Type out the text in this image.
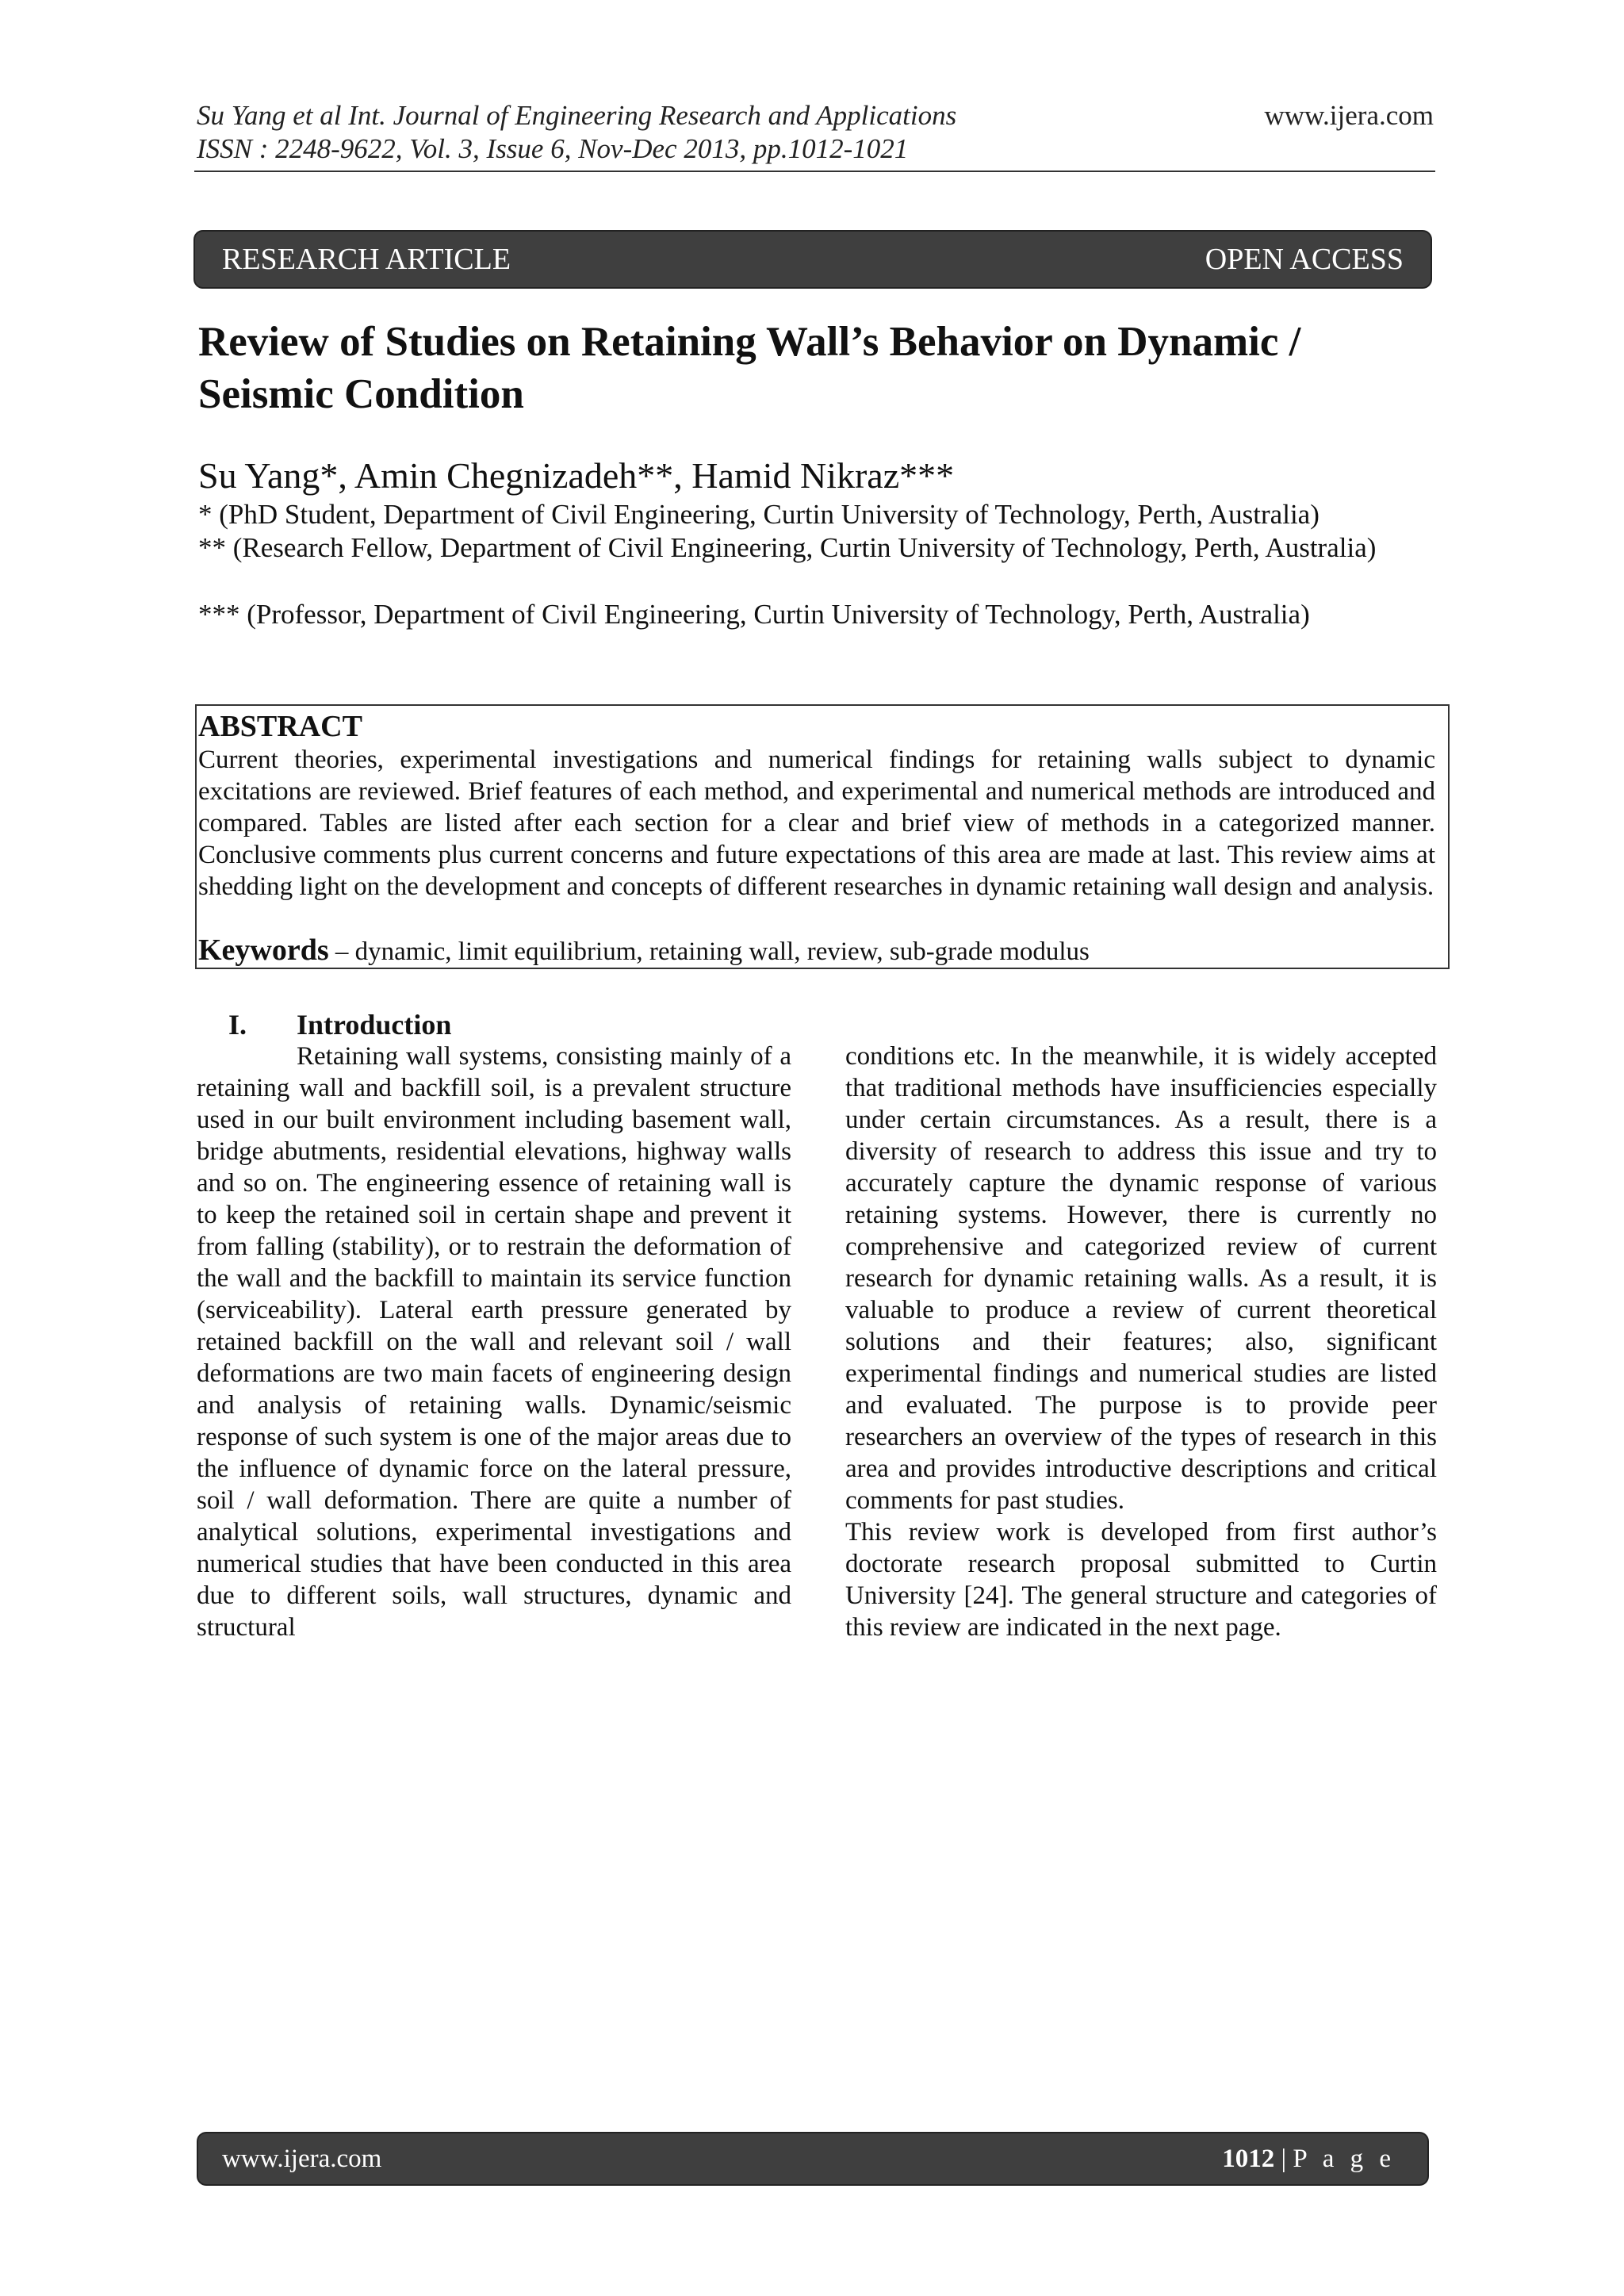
Su Yang et al Int. Journal of Engineering Research and Applications
ISSN : 2248-9622, Vol. 3, Issue 6, Nov-Dec 2013, pp.1012-1021
www.ijera.com
RESEARCH ARTICLE	OPEN ACCESS
Review of Studies on Retaining Wall’s Behavior on Dynamic /
Seismic Condition
Su Yang*, Amin Chegnizadeh**, Hamid Nikraz***
* (PhD Student, Department of Civil Engineering, Curtin University of Technology, Perth, Australia)
** (Research Fellow, Department of Civil Engineering, Curtin University of Technology, Perth, Australia)
*** (Professor, Department of Civil Engineering, Curtin University of Technology, Perth, Australia)
ABSTRACT
Current theories, experimental investigations and numerical findings for retaining walls subject to dynamic excitations are reviewed. Brief features of each method, and experimental and numerical methods are introduced and compared. Tables are listed after each section for a clear and brief view of methods in a categorized manner. Conclusive comments plus current concerns and future expectations of this area are made at last. This review aims at shedding light on the development and concepts of different researches in dynamic retaining wall design and analysis.
Keywords – dynamic, limit equilibrium, retaining wall, review, sub-grade modulus
I. Introduction

Retaining wall systems, consisting mainly of a retaining wall and backfill soil, is a prevalent structure used in our built environment including basement wall, bridge abutments, residential elevations, highway walls and so on. The engineering essence of retaining wall is to keep the retained soil in certain shape and prevent it from falling (stability), or to restrain the deformation of the wall and the backfill to maintain its service function (serviceability). Lateral earth pressure generated by retained backfill on the wall and relevant soil / wall deformations are two main facets of engineering design and analysis of retaining walls. Dynamic/seismic response of such system is one of the major areas due to the influence of dynamic force on the lateral pressure, soil / wall deformation. There are quite a number of analytical solutions, experimental investigations and numerical studies that have been conducted in this area due to different soils, wall structures, dynamic and structural

conditions etc. In the meanwhile, it is widely accepted that traditional methods have insufficiencies especially under certain circumstances. As a result, there is a diversity of research to address this issue and try to accurately capture the dynamic response of various retaining systems. However, there is currently no comprehensive and categorized review of current research for dynamic retaining walls. As a result, it is valuable to produce a review of current theoretical solutions and their features; also, significant experimental findings and numerical studies are listed and evaluated. The purpose is to provide peer researchers an overview of the types of research in this area and provides introductive descriptions and critical comments for past studies.

This review work is developed from first author’s doctorate research proposal submitted to Curtin University [24]. The general structure and categories of this review are indicated in the next page.

www.ijera.com	1012 | P a g e
